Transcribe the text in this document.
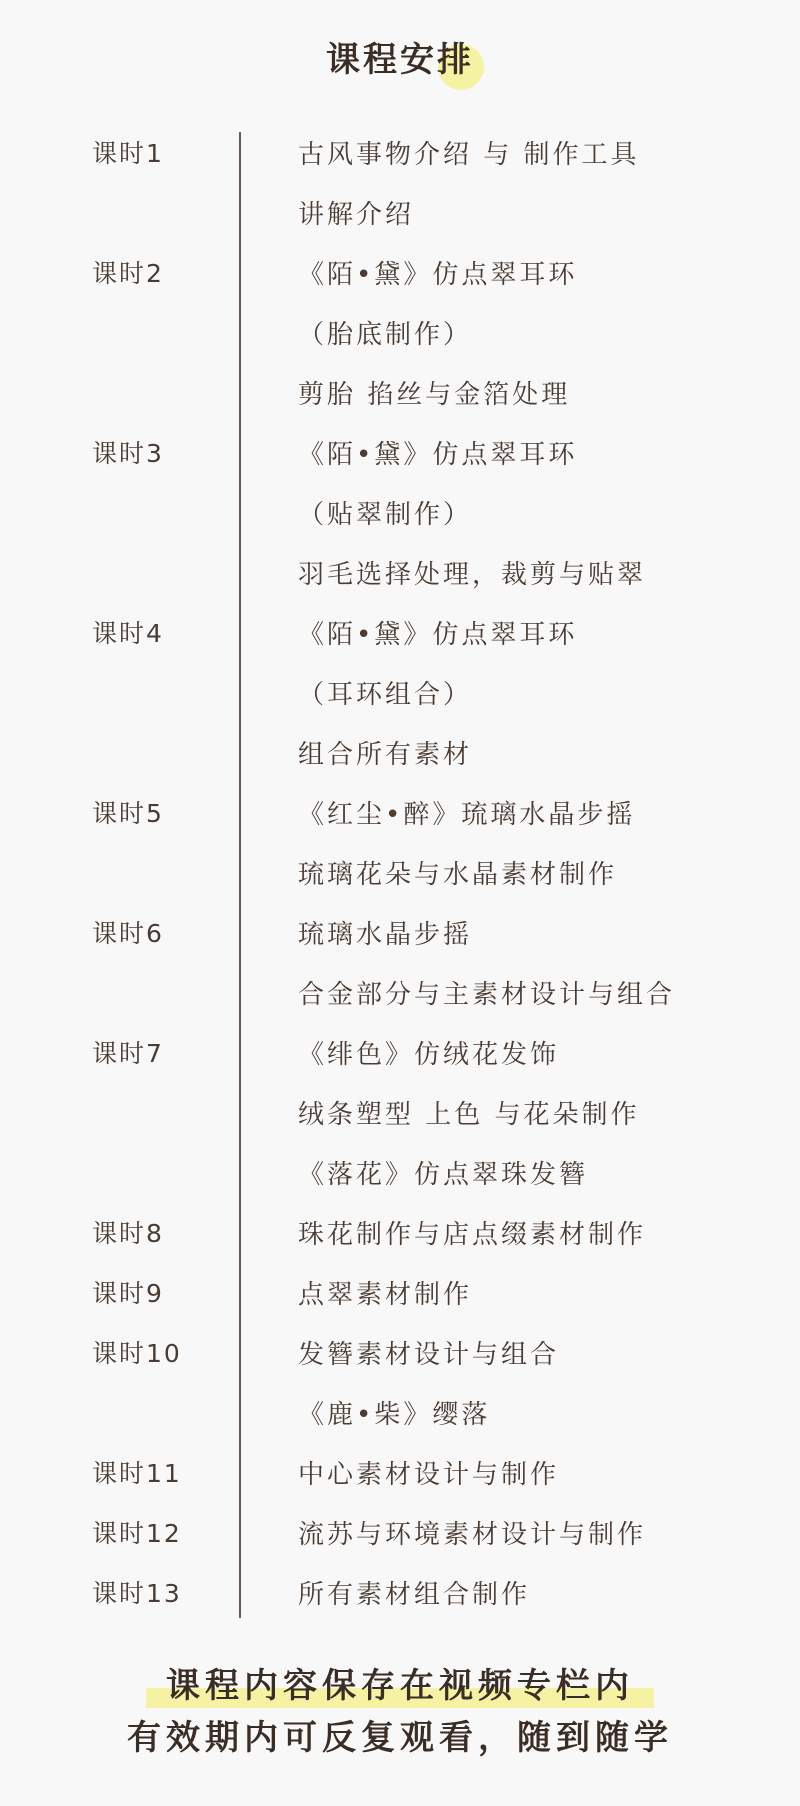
课程安排
课时1	古风事物介绍 与 制作工具
讲解介绍
课时2	《陌•黛》仿点翠耳环
（胎底制作）
剪胎 掐丝与金箔处理
课时3	《陌•黛》仿点翠耳环
（贴翠制作）
羽毛选择处理，裁剪与贴翠
课时4	《陌•黛》仿点翠耳环
（耳环组合）
组合所有素材
课时5	《红尘•醉》琉璃水晶步摇
琉璃花朵与水晶素材制作
课时6	琉璃水晶步摇
合金部分与主素材设计与组合
课时7	《绯色》仿绒花发饰
绒条塑型 上色 与花朵制作
《落花》仿点翠珠发簪
课时8	珠花制作与店点缀素材制作
课时9	点翠素材制作
课时10	发簪素材设计与组合
《鹿•柴》缨落
课时11	中心素材设计与制作
课时12	流苏与环境素材设计与制作
课时13	所有素材组合制作
课程内容保存在视频专栏内
有效期内可反复观看，随到随学
